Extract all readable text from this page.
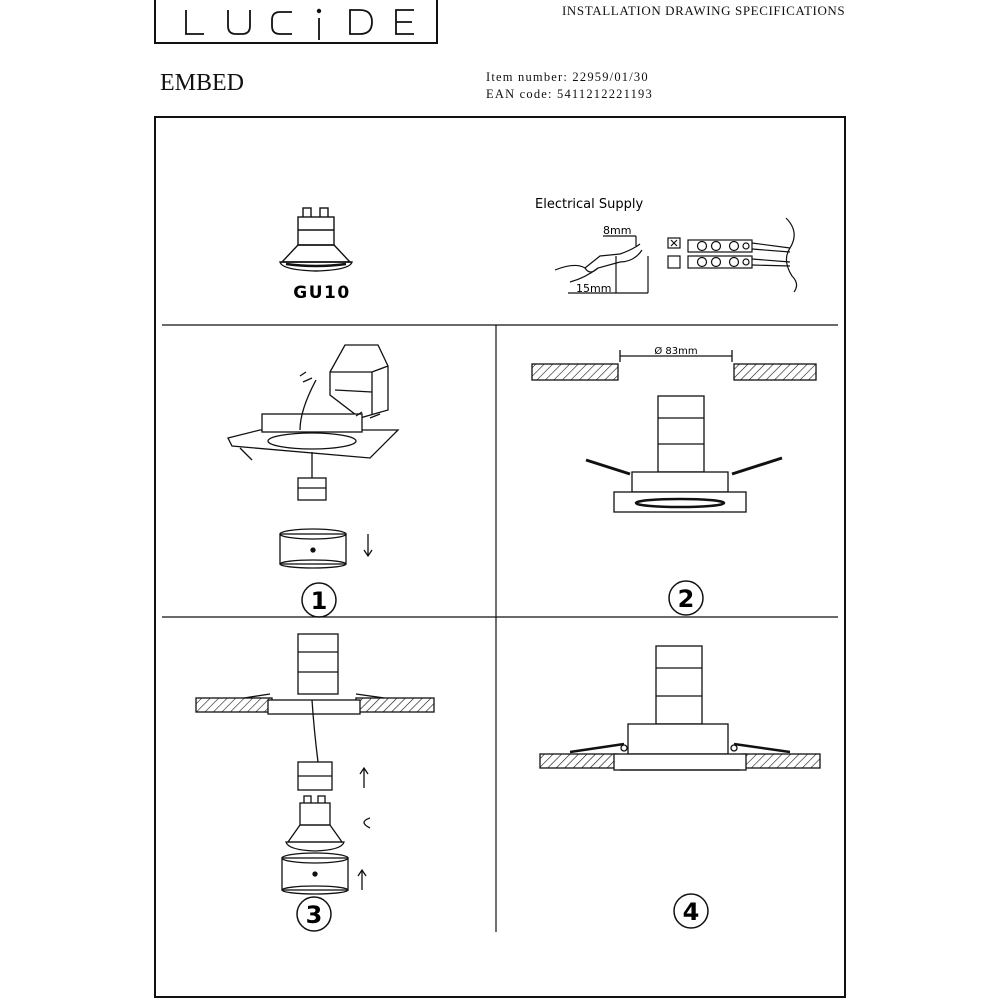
INSTALLATION DRAWING SPECIFICATIONS
EMBED	Item number: 22959/01/30
EAN code: 5411212221193
GU10
Electrical Supply
8mm
15mm
1
Ø 83mm
2
3	4
